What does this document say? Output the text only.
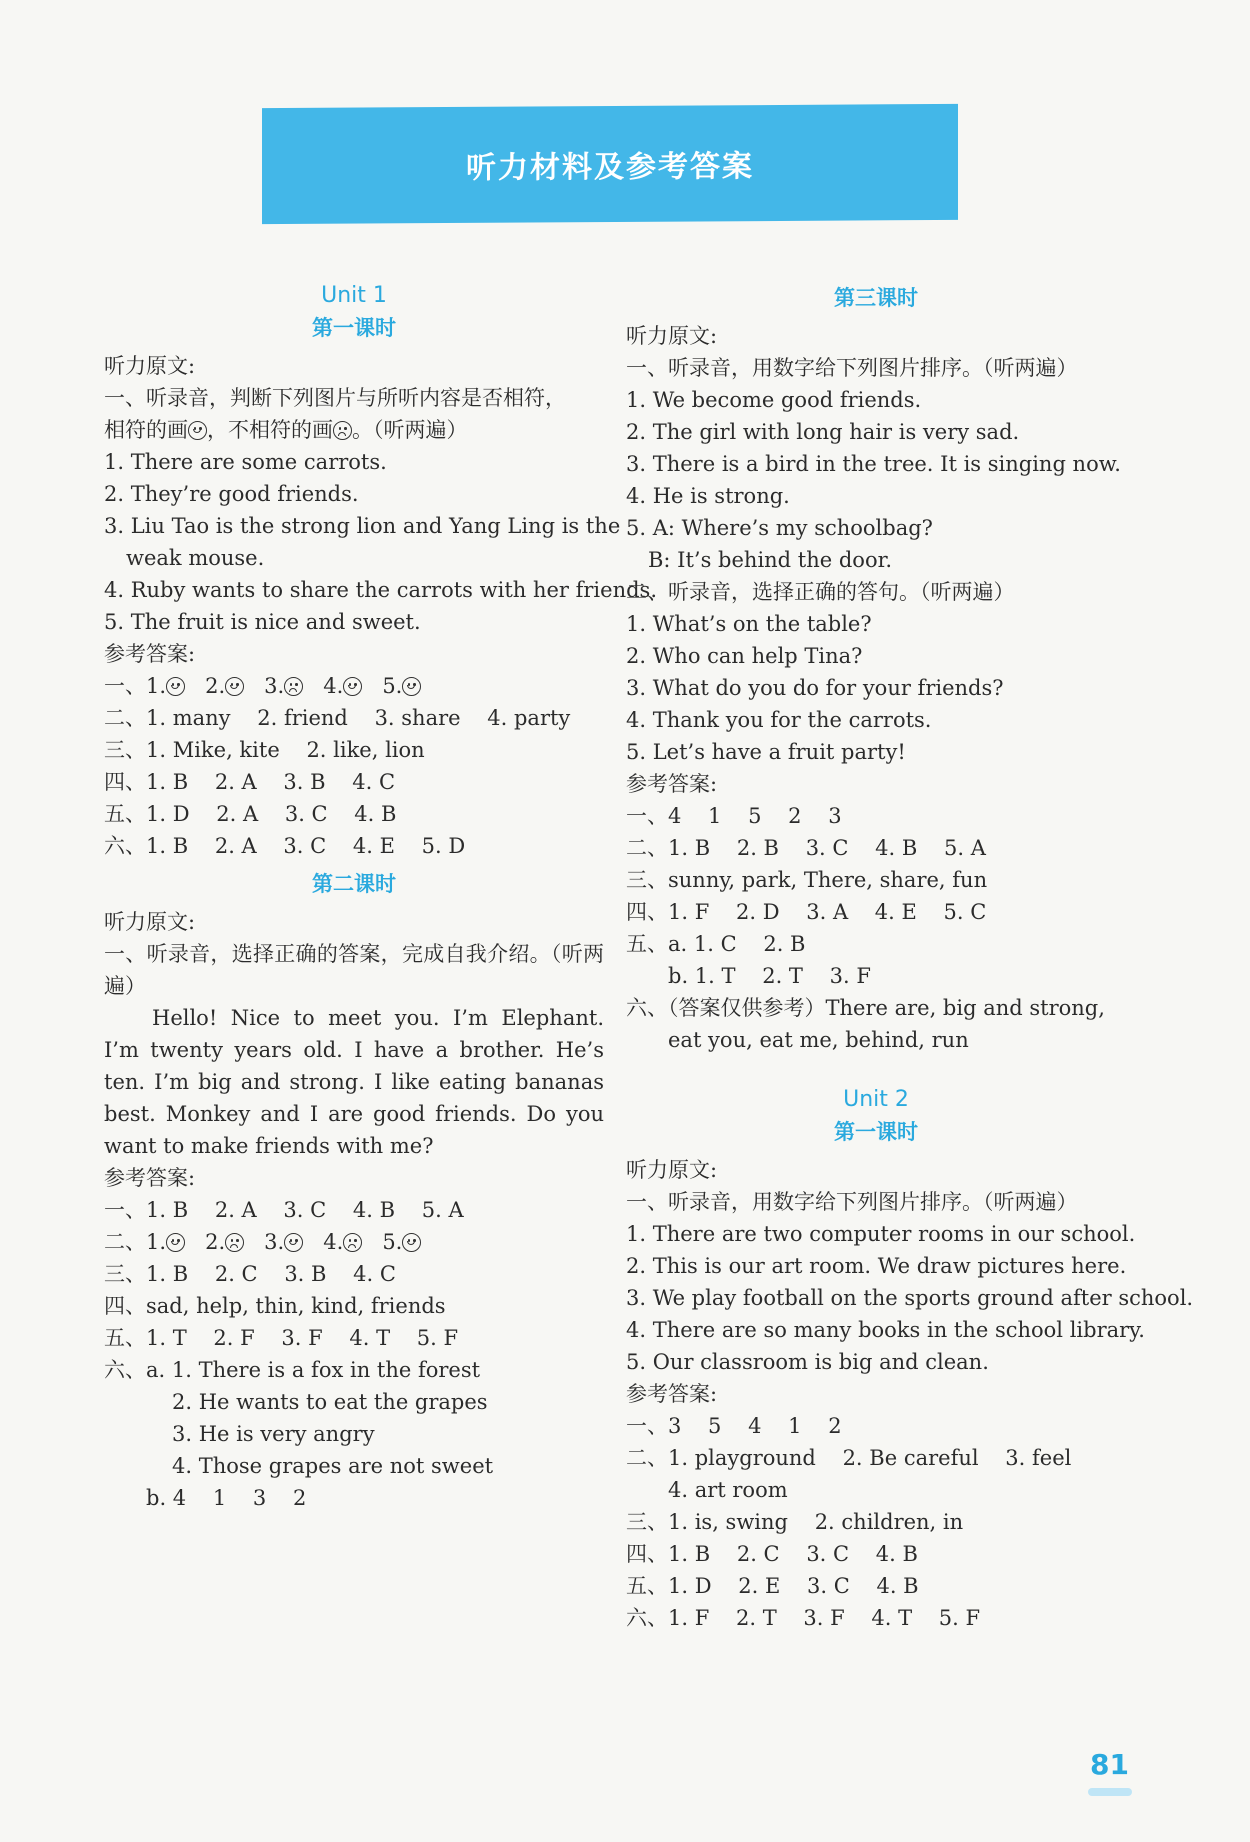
听力材料及参考答案
Unit 1
第一课时
听力原文:
一、听录音，判断下列图片与所听内容是否相符，
相符的画 ，不相符的画 。（听两遍）
1. There are some carrots.
2. They’re good friends.
3. Liu Tao is the strong lion and Yang Ling is the
weak mouse.
4. Ruby wants to share the carrots with her friends.
5. The fruit is nice and sweet.
参考答案:
一、1. 2. 3. 4. 5.
二、1. many    2. friend    3. share    4. party
三、1. Mike, kite    2. like, lion
四、1. B    2. A    3. B    4. C
五、1. D    2. A    3. C    4. B
六、1. B    2. A    3. C    4. E    5. D
第二课时
听力原文:
一、听录音，选择正确的答案，完成自我介绍。（听两遍）
Hello! Nice to meet you. I’m Elephant. I’m twenty years old. I have a brother. He’s ten. I’m big and strong. I like eating bananas best. Monkey and I are good friends. Do you want to make friends with me?
参考答案:
一、1. B    2. A    3. C    4. B    5. A
二、1. 2. 3. 4. 5.
三、1. B    2. C    3. B    4. C
四、sad, help, thin, kind, friends
五、1. T    2. F    3. F    4. T    5. F
六、a. 1. There is a fox in the forest
2. He wants to eat the grapes
3. He is very angry
4. Those grapes are not sweet
b. 4    1    3    2
第三课时
听力原文:
一、听录音，用数字给下列图片排序。（听两遍）
1. We become good friends.
2. The girl with long hair is very sad.
3. There is a bird in the tree. It is singing now.
4. He is strong.
5. A: Where’s my schoolbag?
B: It’s behind the door.
二、听录音，选择正确的答句。（听两遍）
1. What’s on the table?
2. Who can help Tina?
3. What do you do for your friends?
4. Thank you for the carrots.
5. Let’s have a fruit party!
参考答案:
一、4    1    5    2    3
二、1. B    2. B    3. C    4. B    5. A
三、sunny, park, There, share, fun
四、1. F    2. D    3. A    4. E    5. C
五、a. 1. C    2. B
b. 1. T    2. T    3. F
六、（答案仅供参考）There are, big and strong,
eat you, eat me, behind, run
Unit 2
第一课时
听力原文:
一、听录音，用数字给下列图片排序。（听两遍）
1. There are two computer rooms in our school.
2. This is our art room. We draw pictures here.
3. We play football on the sports ground after school.
4. There are so many books in the school library.
5. Our classroom is big and clean.
参考答案:
一、3    5    4    1    2
二、1. playground    2. Be careful    3. feel
4. art room
三、1. is, swing    2. children, in
四、1. B    2. C    3. C    4. B
五、1. D    2. E    3. C    4. B
六、1. F    2. T    3. F    4. T    5. F
81
